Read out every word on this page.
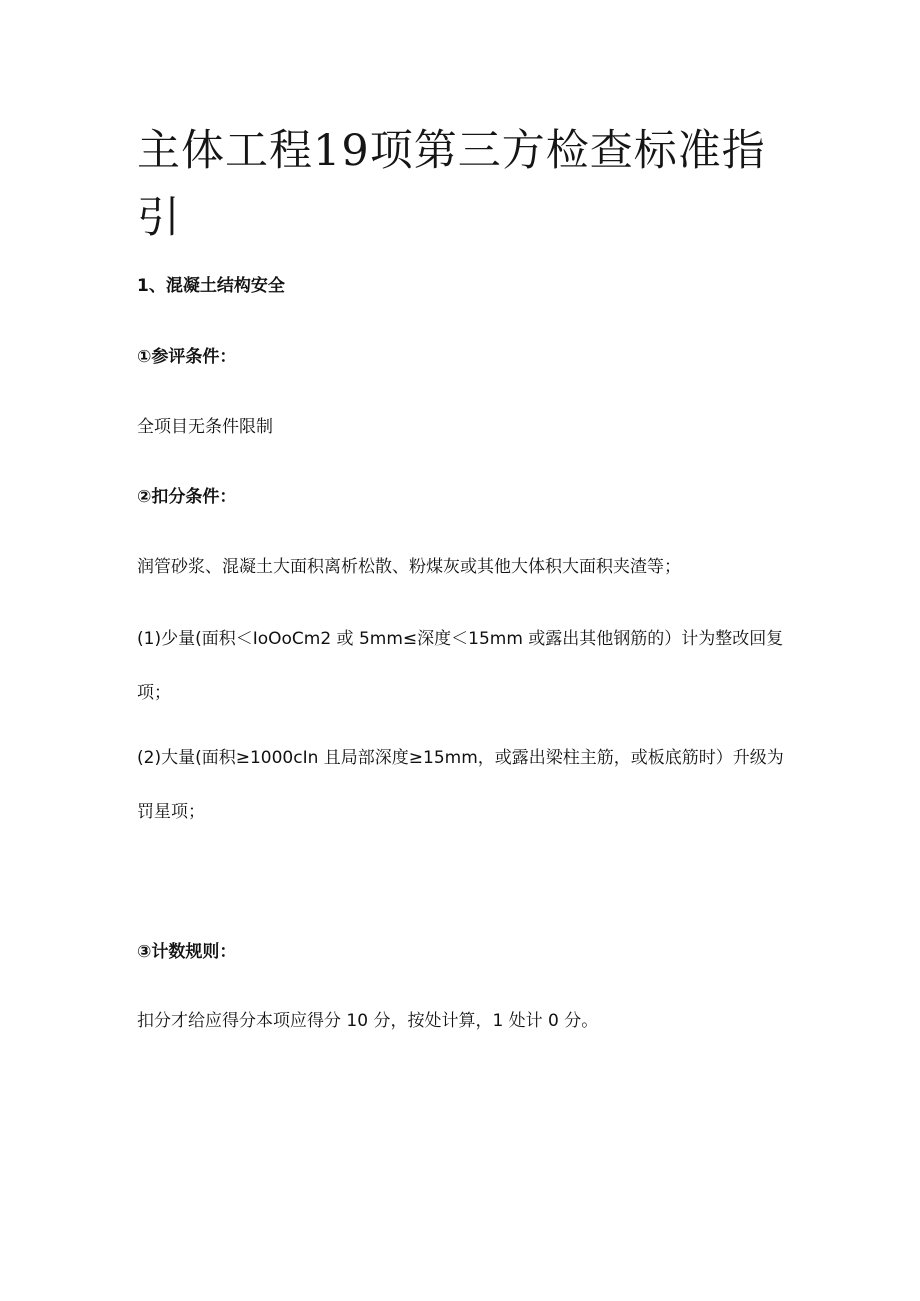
主体工程19项第三方检查标准指引
1、混凝土结构安全

①参评条件：

全项目无条件限制

②扣分条件：

润管砂浆、混凝土大面积离析松散、粉煤灰或其他大体积大面积夹渣等；

(1)少量(面积＜IoOoCm2 或 5mm≤深度＜15mm 或露出其他钢筋的）计为整改回复项；

(2)大量(面积≥1000cIn 且局部深度≥15mm，或露出梁柱主筋，或板底筋时）升级为罚星项；

③计数规则：

扣分才给应得分本项应得分 10 分，按处计算，1 处计 0 分。
